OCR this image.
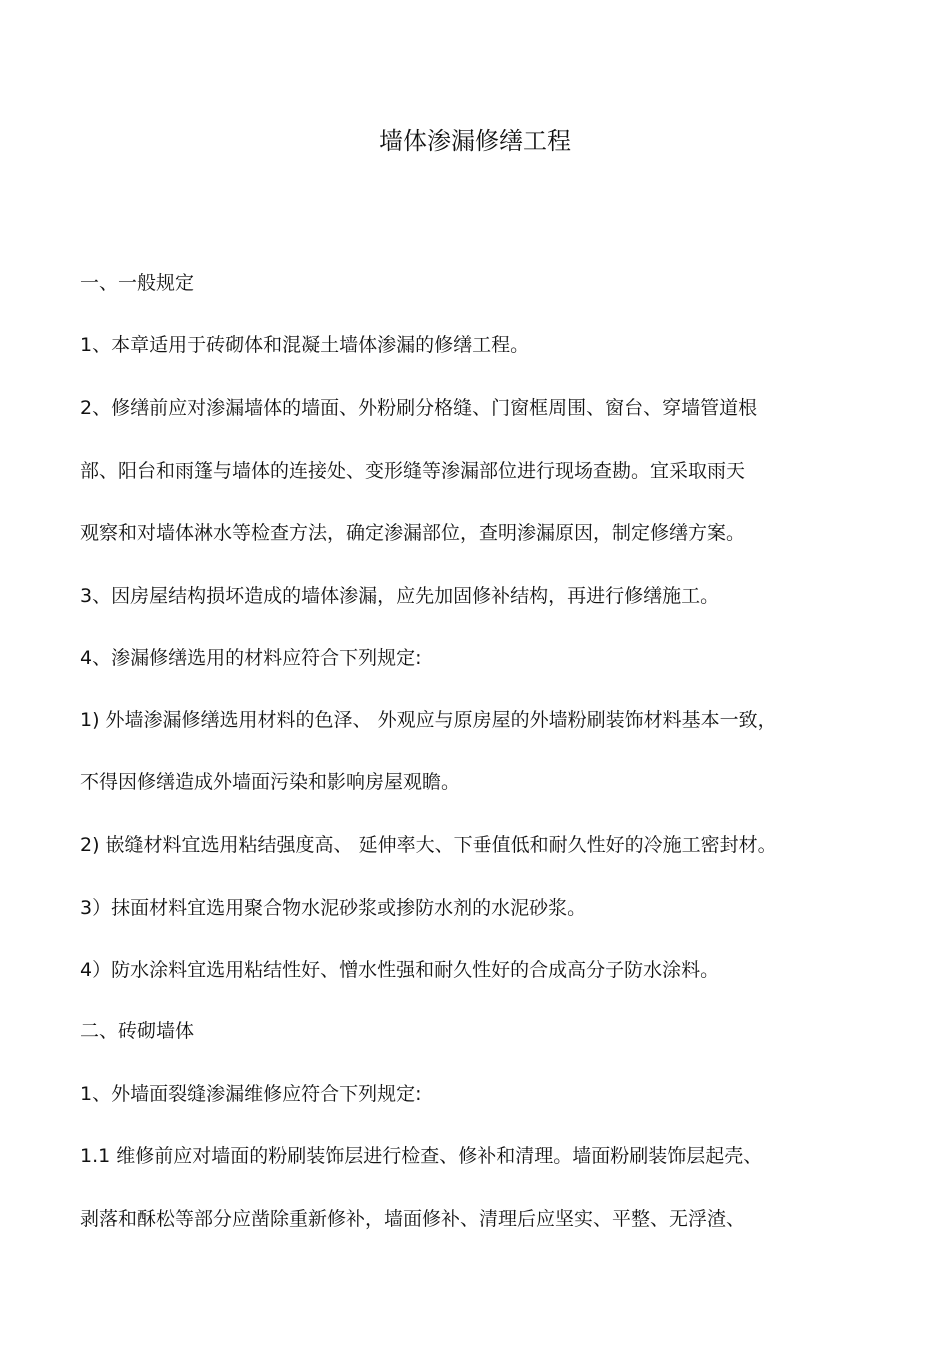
墙体渗漏修缮工程

一、一般规定

1、本章适用于砖砌体和混凝土墙体渗漏的修缮工程。

2、修缮前应对渗漏墙体的墙面、外粉刷分格缝、门窗框周围、窗台、穿墙管道根

部、阳台和雨篷与墙体的连接处、变形缝等渗漏部位进行现场查勘。宜采取雨天

观察和对墙体淋水等检查方法，确定渗漏部位，查明渗漏原因，制定修缮方案。

3、因房屋结构损坏造成的墙体渗漏，应先加固修补结构，再进行修缮施工。

4、渗漏修缮选用的材料应符合下列规定:

1) 外墙渗漏修缮选用材料的色泽、 外观应与原房屋的外墙粉刷装饰材料基本一致，

不得因修缮造成外墙面污染和影响房屋观瞻。

2) 嵌缝材料宜选用粘结强度高、 延伸率大、下垂值低和耐久性好的冷施工密封材。

3）抹面材料宜选用聚合物水泥砂浆或掺防水剂的水泥砂浆。

4）防水涂料宜选用粘结性好、憎水性强和耐久性好的合成高分子防水涂料。

二、砖砌墙体

1、外墙面裂缝渗漏维修应符合下列规定:

1.1 维修前应对墙面的粉刷装饰层进行检查、修补和清理。墙面粉刷装饰层起壳、

剥落和酥松等部分应凿除重新修补，墙面修补、清理后应坚实、平整、无浮渣、
